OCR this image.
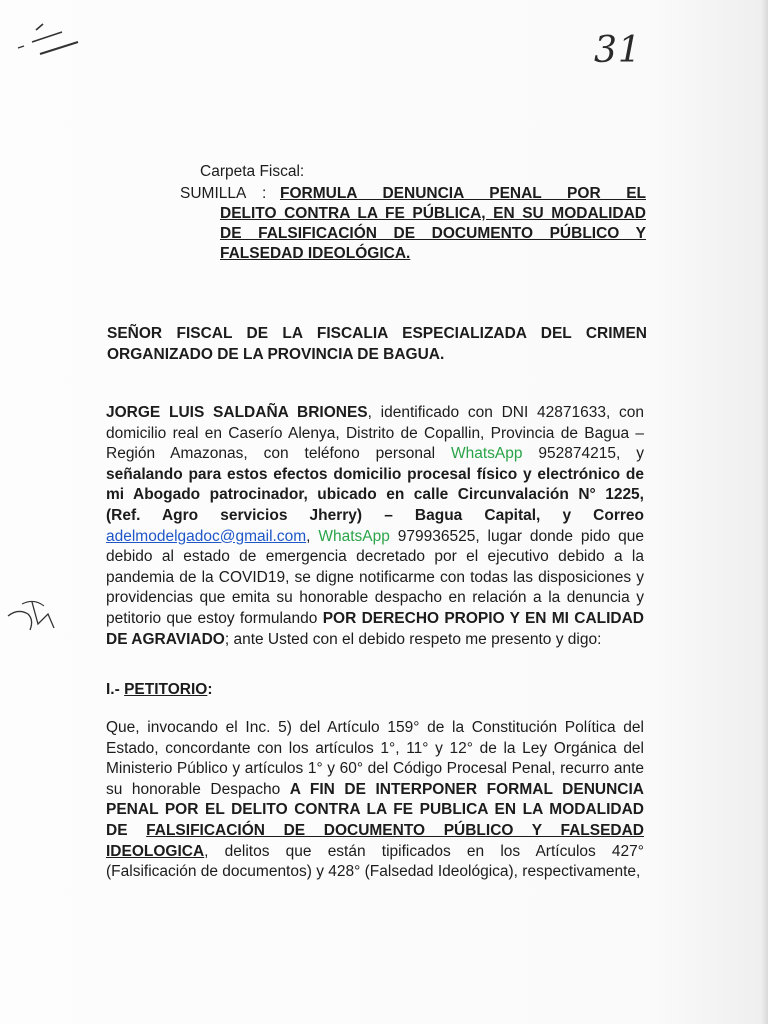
31
Carpeta Fiscal:
SUMILLA : FORMULA DENUNCIA PENAL POR EL
DELITO CONTRA LA FE PÚBLICA, EN SU MODALIDAD
DE FALSIFICACIÓN DE DOCUMENTO PÚBLICO Y
FALSEDAD IDEOLÓGICA.
SEÑOR FISCAL DE LA FISCALIA ESPECIALIZADA DEL CRIMEN
ORGANIZADO DE LA PROVINCIA DE BAGUA.
JORGE LUIS SALDAÑA BRIONES, identificado con DNI 42871633, con
domicilio real en Caserío Alenya, Distrito de Copallin, Provincia de Bagua –
Región Amazonas, con teléfono personal WhatsApp 952874215, y
señalando para estos efectos domicilio procesal físico y electrónico de
mi Abogado patrocinador, ubicado en calle Circunvalación N° 1225,
(Ref. Agro servicios Jherry) – Bagua Capital, y Correo
adelmodelgadoc@gmail.com, WhatsApp 979936525, lugar donde pido que
debido al estado de emergencia decretado por el ejecutivo debido a la
pandemia de la COVID19, se digne notificarme con todas las disposiciones y
providencias que emita su honorable despacho en relación a la denuncia y
petitorio que estoy formulando POR DERECHO PROPIO Y EN MI CALIDAD
DE AGRAVIADO; ante Usted con el debido respeto me presento y digo:
I.- PETITORIO:
Que, invocando el Inc. 5) del Artículo 159° de la Constitución Política del
Estado, concordante con los artículos 1°, 11° y 12° de la Ley Orgánica del
Ministerio Público y artículos 1° y 60° del Código Procesal Penal, recurro ante
su honorable Despacho A FIN DE INTERPONER FORMAL DENUNCIA
PENAL POR EL DELITO CONTRA LA FE PUBLICA EN LA MODALIDAD
DE FALSIFICACIÓN DE DOCUMENTO PÚBLICO Y FALSEDAD
IDEOLOGICA, delitos que están tipificados en los Artículos 427°
(Falsificación de documentos) y 428° (Falsedad Ideológica), respectivamente,
